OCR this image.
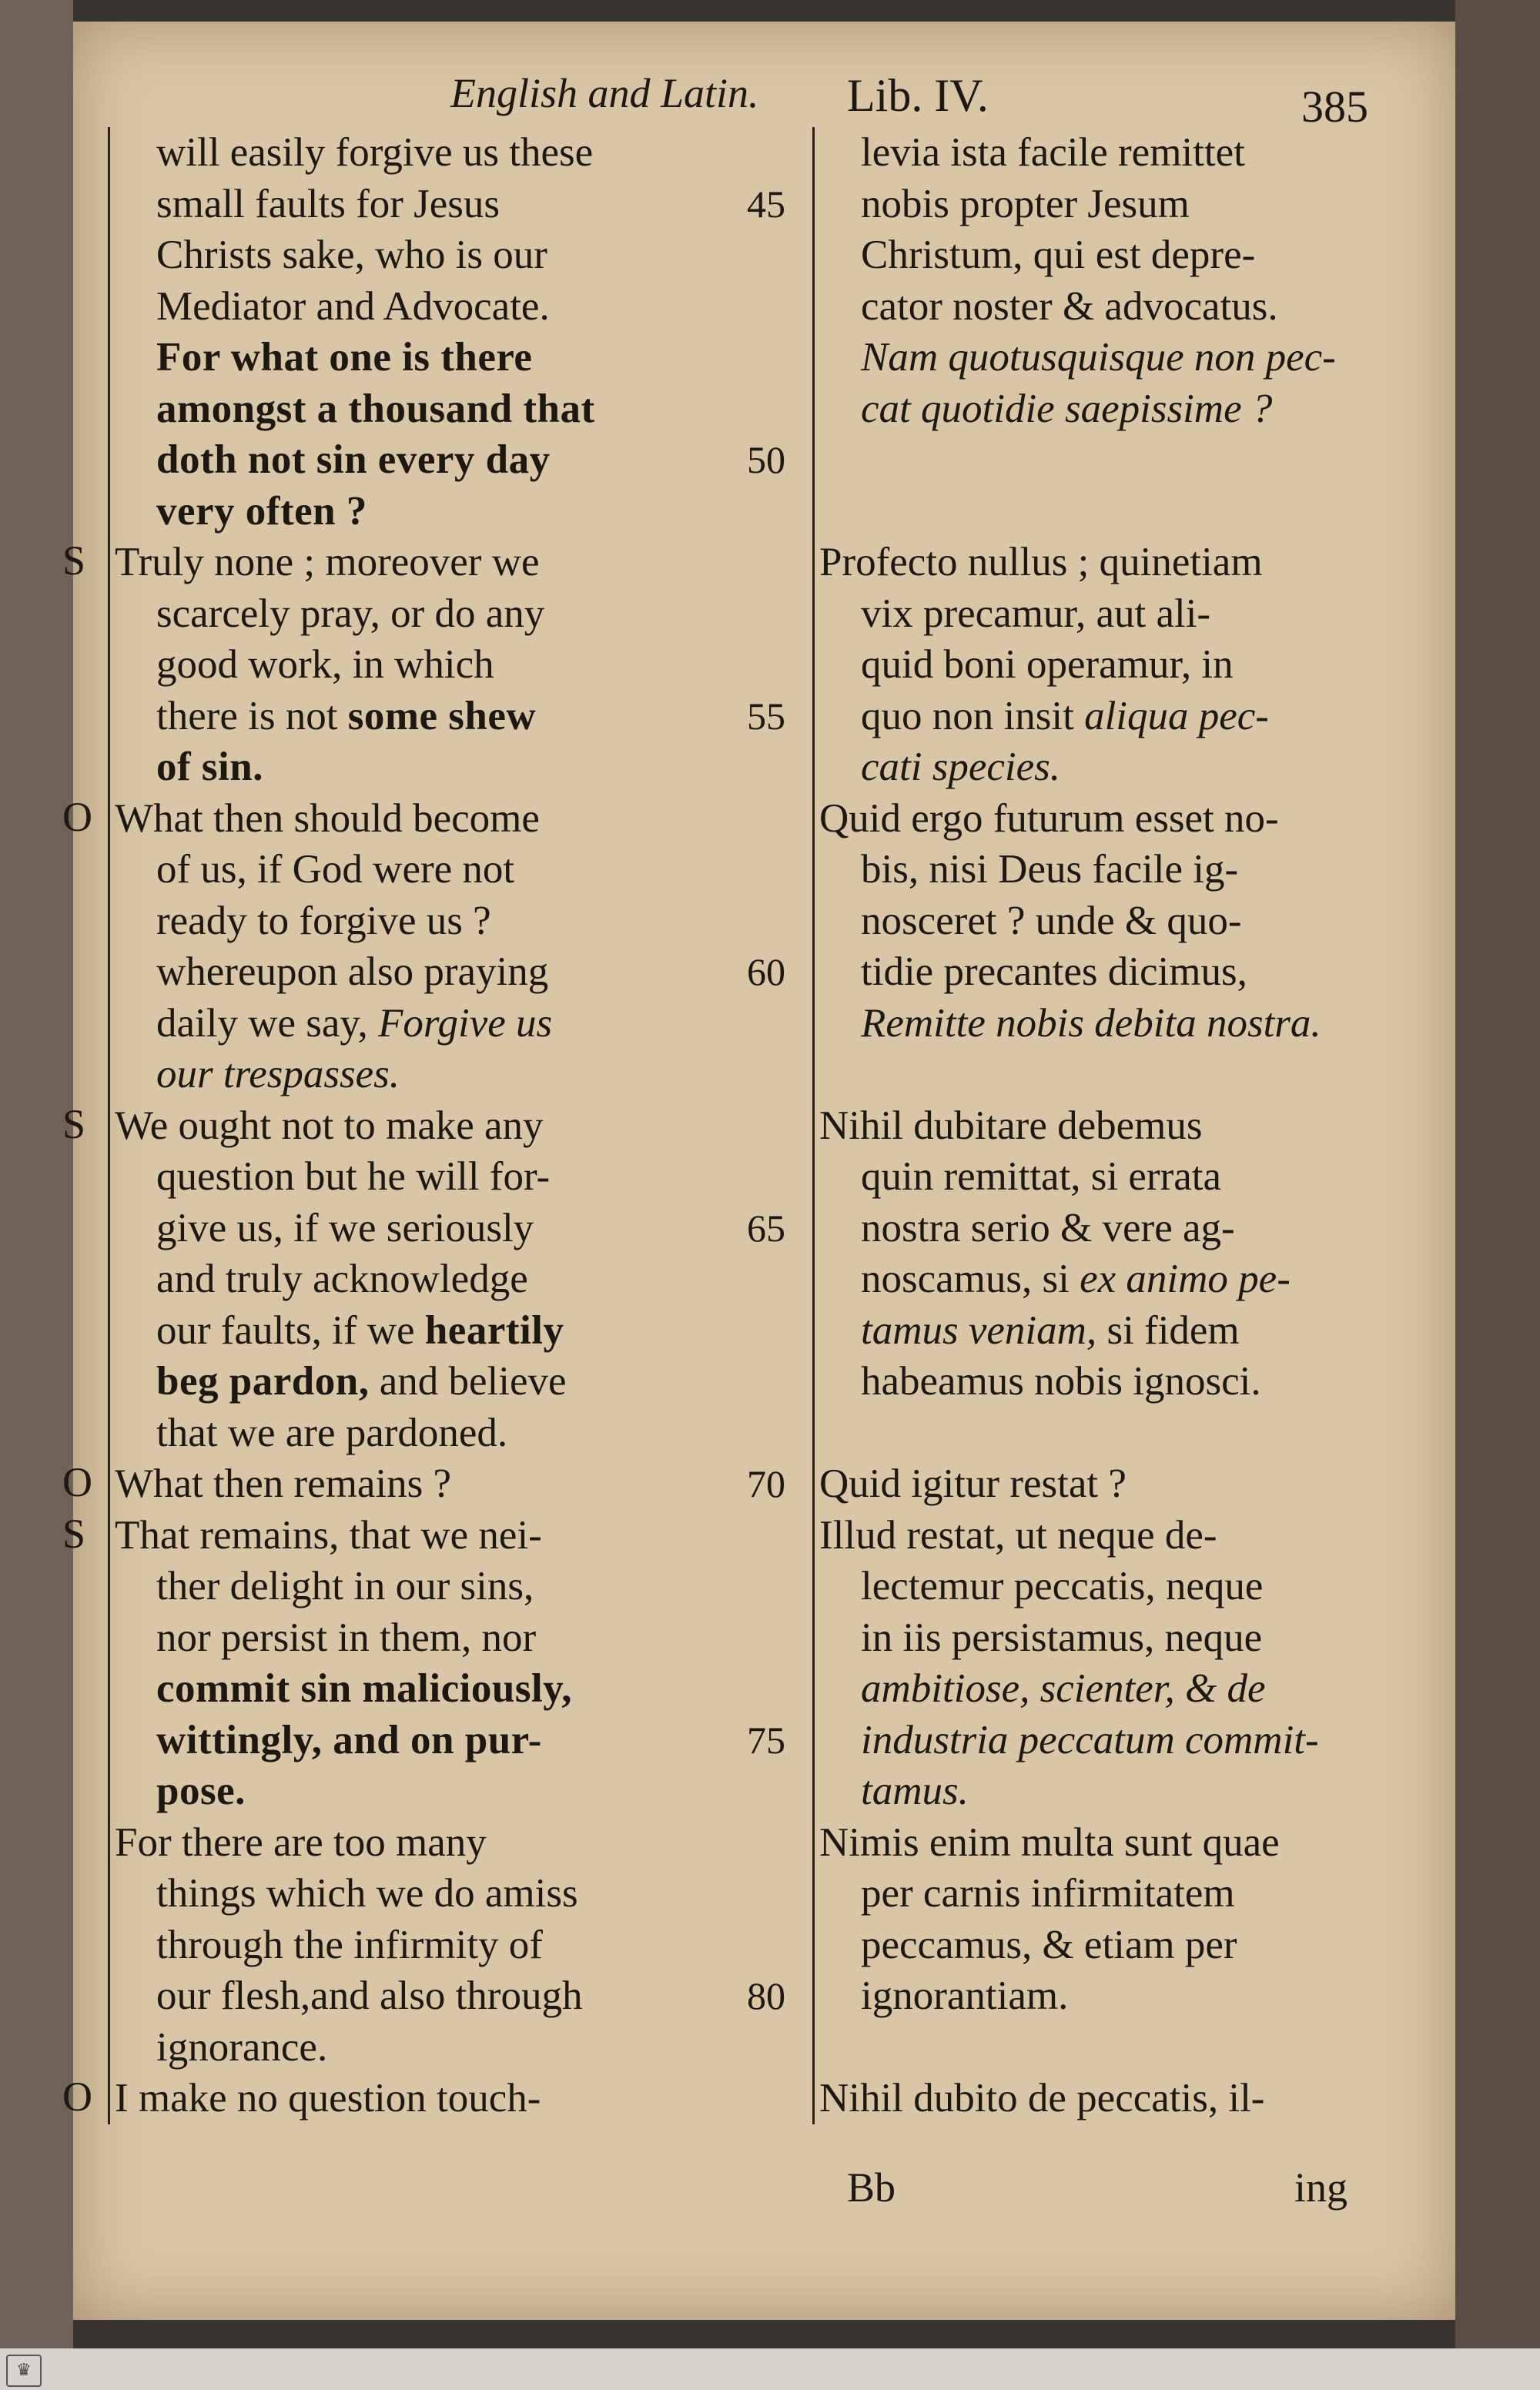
English and Latin. Lib. IV.	385
will easily forgive us these
small faults for Jesus
Christs sake, who is our
Mediator and Advocate.
For what one is there
amongst a thousand that
doth not sin every day
very often ?
S Truly none ; moreover we
scarcely pray, or do any
good work, in which
there is not some shew
of sin.
O What then should become
of us, if God were not
ready to forgive us ?
whereupon also praying
daily we say, Forgive us
our trespasses.
S We ought not to make any
question but he will for-
give us, if we seriously
and truly acknowledge
our faults, if we heartily
beg pardon, and believe
that we are pardoned.
O What then remains ?
S That remains, that we nei-
ther delight in our sins,
nor persist in them, nor
commit sin maliciously,
wittingly, and on pur-
pose.
For there are too many
things which we do amiss
through the infirmity of
our flesh,and also through
ignorance.
O I make no question touch-
45
50
55
60
65
70
75
80
levia ista facile remittet
nobis propter Jesum
Christum, qui est depre-
cator noster & advocatus.
Nam quotusquisque non pec-
cat quotidie saepissime ?
Profecto nullus ; quinetiam
vix precamur, aut ali-
quid boni operamur, in
quo non insit aliqua pec-
cati species.
Quid ergo futurum esset no-
bis, nisi Deus facile ig-
nosceret ? unde & quo-
tidie precantes dicimus,
Remitte nobis debita nostra.
Nihil dubitare debemus
quin remittat, si errata
nostra serio & vere ag-
noscamus, si ex animo pe-
tamus veniam, si fidem
habeamus nobis ignosci.
Quid igitur restat ?
Illud restat, ut neque de-
lectemur peccatis, neque
in iis persistamus, neque
ambitiose, scienter, & de
industria peccatum commit-
tamus.
Nimis enim multa sunt quae
per carnis infirmitatem
peccamus, & etiam per
ignorantiam.
Nihil dubito de peccatis, il-
Bb	ing
♛
